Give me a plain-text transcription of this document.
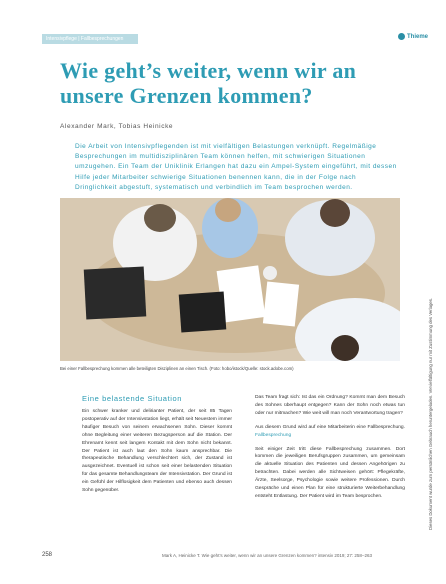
Intensivpflege | Fallbesprechungen	Thieme
Wie geht’s weiter, wenn wir an unsere Grenzen kommen?
Alexander Mark, Tobias Heinicke

Die Arbeit von Intensivpflegenden ist mit vielfältigen Belastungen verknüpft. Regelmäßige Besprechungen im multidisziplinären Team können helfen, mit schwierigen Situationen umzugehen. Ein Team der Uniklinik Erlangen hat dazu ein Ampel-System eingeführt, mit dessen Hilfe jeder Mitarbeiter schwierige Situationen benennen kann, die in der Folge nach Dringlichkeit abgestuft, systematisch und verbindlich im Team besprochen werden.

Bei einer Fallbesprechung kommen alle beteiligten Disziplinen an einen Tisch. (Foto: hobo/istock/Quelle: stock.adobe.com)
Eine belastende Situation

Ein schwer kranker und delirianter Patient, der seit 85 Tagen postoperativ auf der Intensivstation liegt, erhält seit Neuestem immer häufiger Besuch von seinem erwachsenen Sohn. Dieser kommt ohne Begleitung einer weiteren Bezugsperson auf die Station. Der Ehrenamt kennt seit langem Kontakt mit dem Sohn nicht bekannt. Der Patient ist auch laut den Sohn kaum ansprechbar. Die therapeutische Behandlung verschlechtert sich, der Zustand ist ausgezeichnet. Eventuell ist schon seit einer belastenden Situation für das gesamte Behandlungsteam der Intensivstation. Der Grund ist ein Gefühl der Hilflosigkeit dem Patienten und ebenso auch dessen Sohn gegenüber.

Das Team fragt sich: Ist das ein Ordnung? Kommt man dem Besuch des Sohnes überhaupt entgegen? Kann der Sohn noch etwas tun oder nur mitmachen? Wie weit will man noch Verantwortung tragen?

Aus diesem Grund wird auf eine Mitarbeiterin eine Fallbesprechung. Fallbesprechung

Seit einiger Zeit tritt diese Fallbesprechung zusammen. Dort kommen die jeweiligen Berufsgruppen zusammen, um gemeinsam die aktuelle Situation des Patienten und dessen Angehörigen zu betrachten. Dabei werden alle Sichtweisen gehört: Pflegekräfte, Ärzte, Seelsorge, Psychologie sowie weitere Professionen. Durch Gespräche und einen Plan für eine strukturierte Weiterbehandlung entsteht Entlastung. Der Patient wird im Team besprochen.	Dieses Dokument wurde zum persönlichen Gebrauch heruntergeladen. Vervielfältigung nur mit Zustimmung des Verlages.
258	Mark A, Heinicke T. Wie geht’s weiter, wenn wir an unsere Grenzen kommen? intensiv 2019; 27: 258–263
